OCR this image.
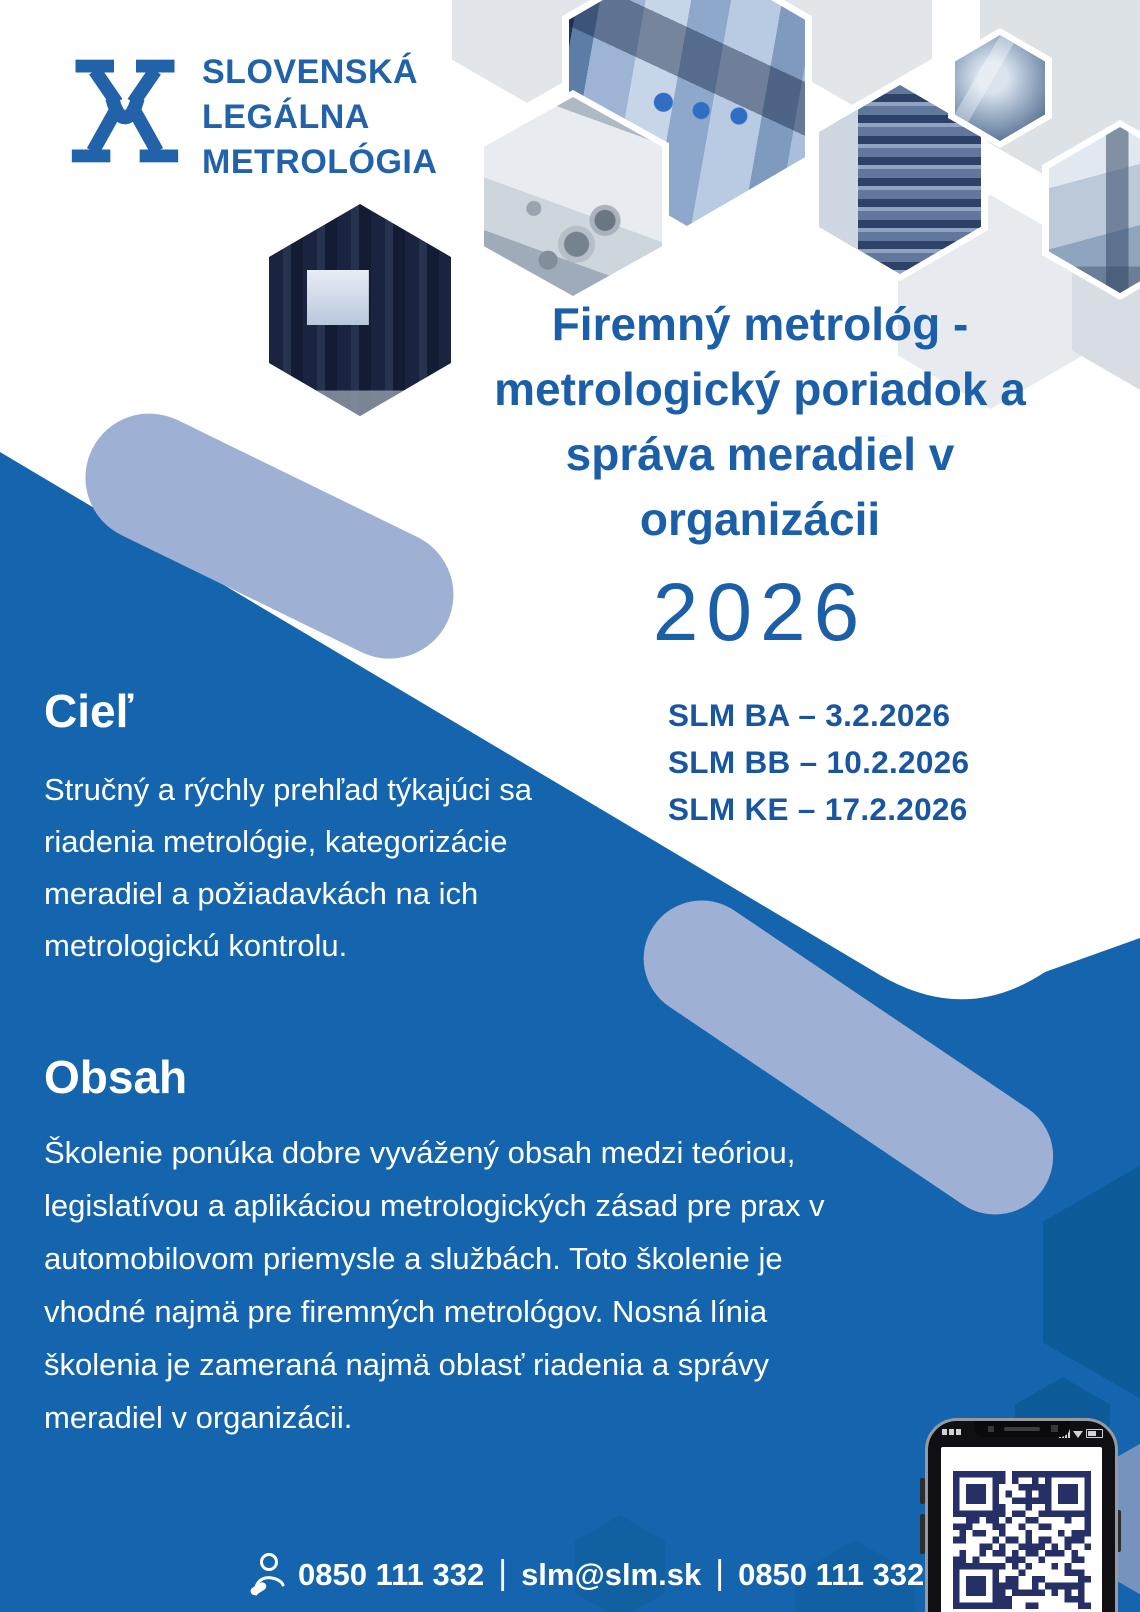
SLOVENSKÁ
LEGÁLNA
METROLÓGIA
Firemný metrológ -
metrologický poriadok a
správa meradiel v
organizácii
2026
SLM BA – 3.2.2026
SLM BB – 10.2.2026
SLM KE – 17.2.2026
Cieľ
Stručný a rýchly prehľad týkajúci sa riadenia metrológie, kategorizácie meradiel a požiadavkách na ich metrologickú kontrolu.
Obsah
Školenie ponúka dobre vyvážený obsah medzi teóriou, legislatívou a aplikáciou metrologických zásad pre prax v automobilovom priemysle a službách. Toto školenie je vhodné najmä pre firemných metrológov. Nosná línia školenia je zameraná najmä oblasť riadenia a správy meradiel v organizácii.
0850 111 332 | slm@slm.sk | 0850 111 332
